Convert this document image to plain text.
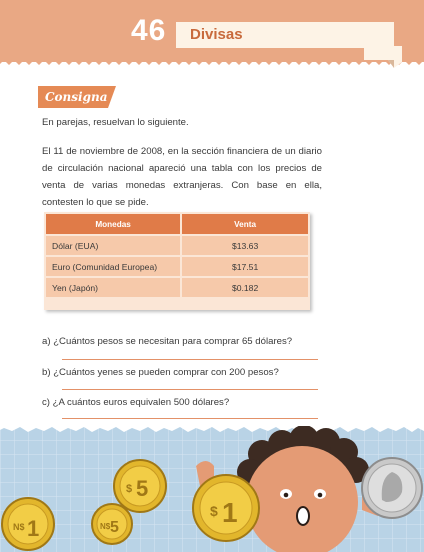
46 Divisas
Consigna
En parejas, resuelvan lo siguiente.
El 11 de noviembre de 2008, en la sección financiera de un diario de circulación nacional apareció una tabla con los precios de venta de varias monedas extranjeras. Con base en ella, contesten lo que se pide.
Monedas	Venta
Dólar (EUA)	$13.63
Euro (Comunidad Europea)	$17.51
Yen (Japón)	$0.182
a) ¿Cuántos pesos se necesitan para comprar 65 dólares?
b) ¿Cuántos yenes se pueden comprar con 200 pesos?
c) ¿A cuántos euros equivalen 500 dólares?
$ 1
$ 5
N$ 5
N$ 1
